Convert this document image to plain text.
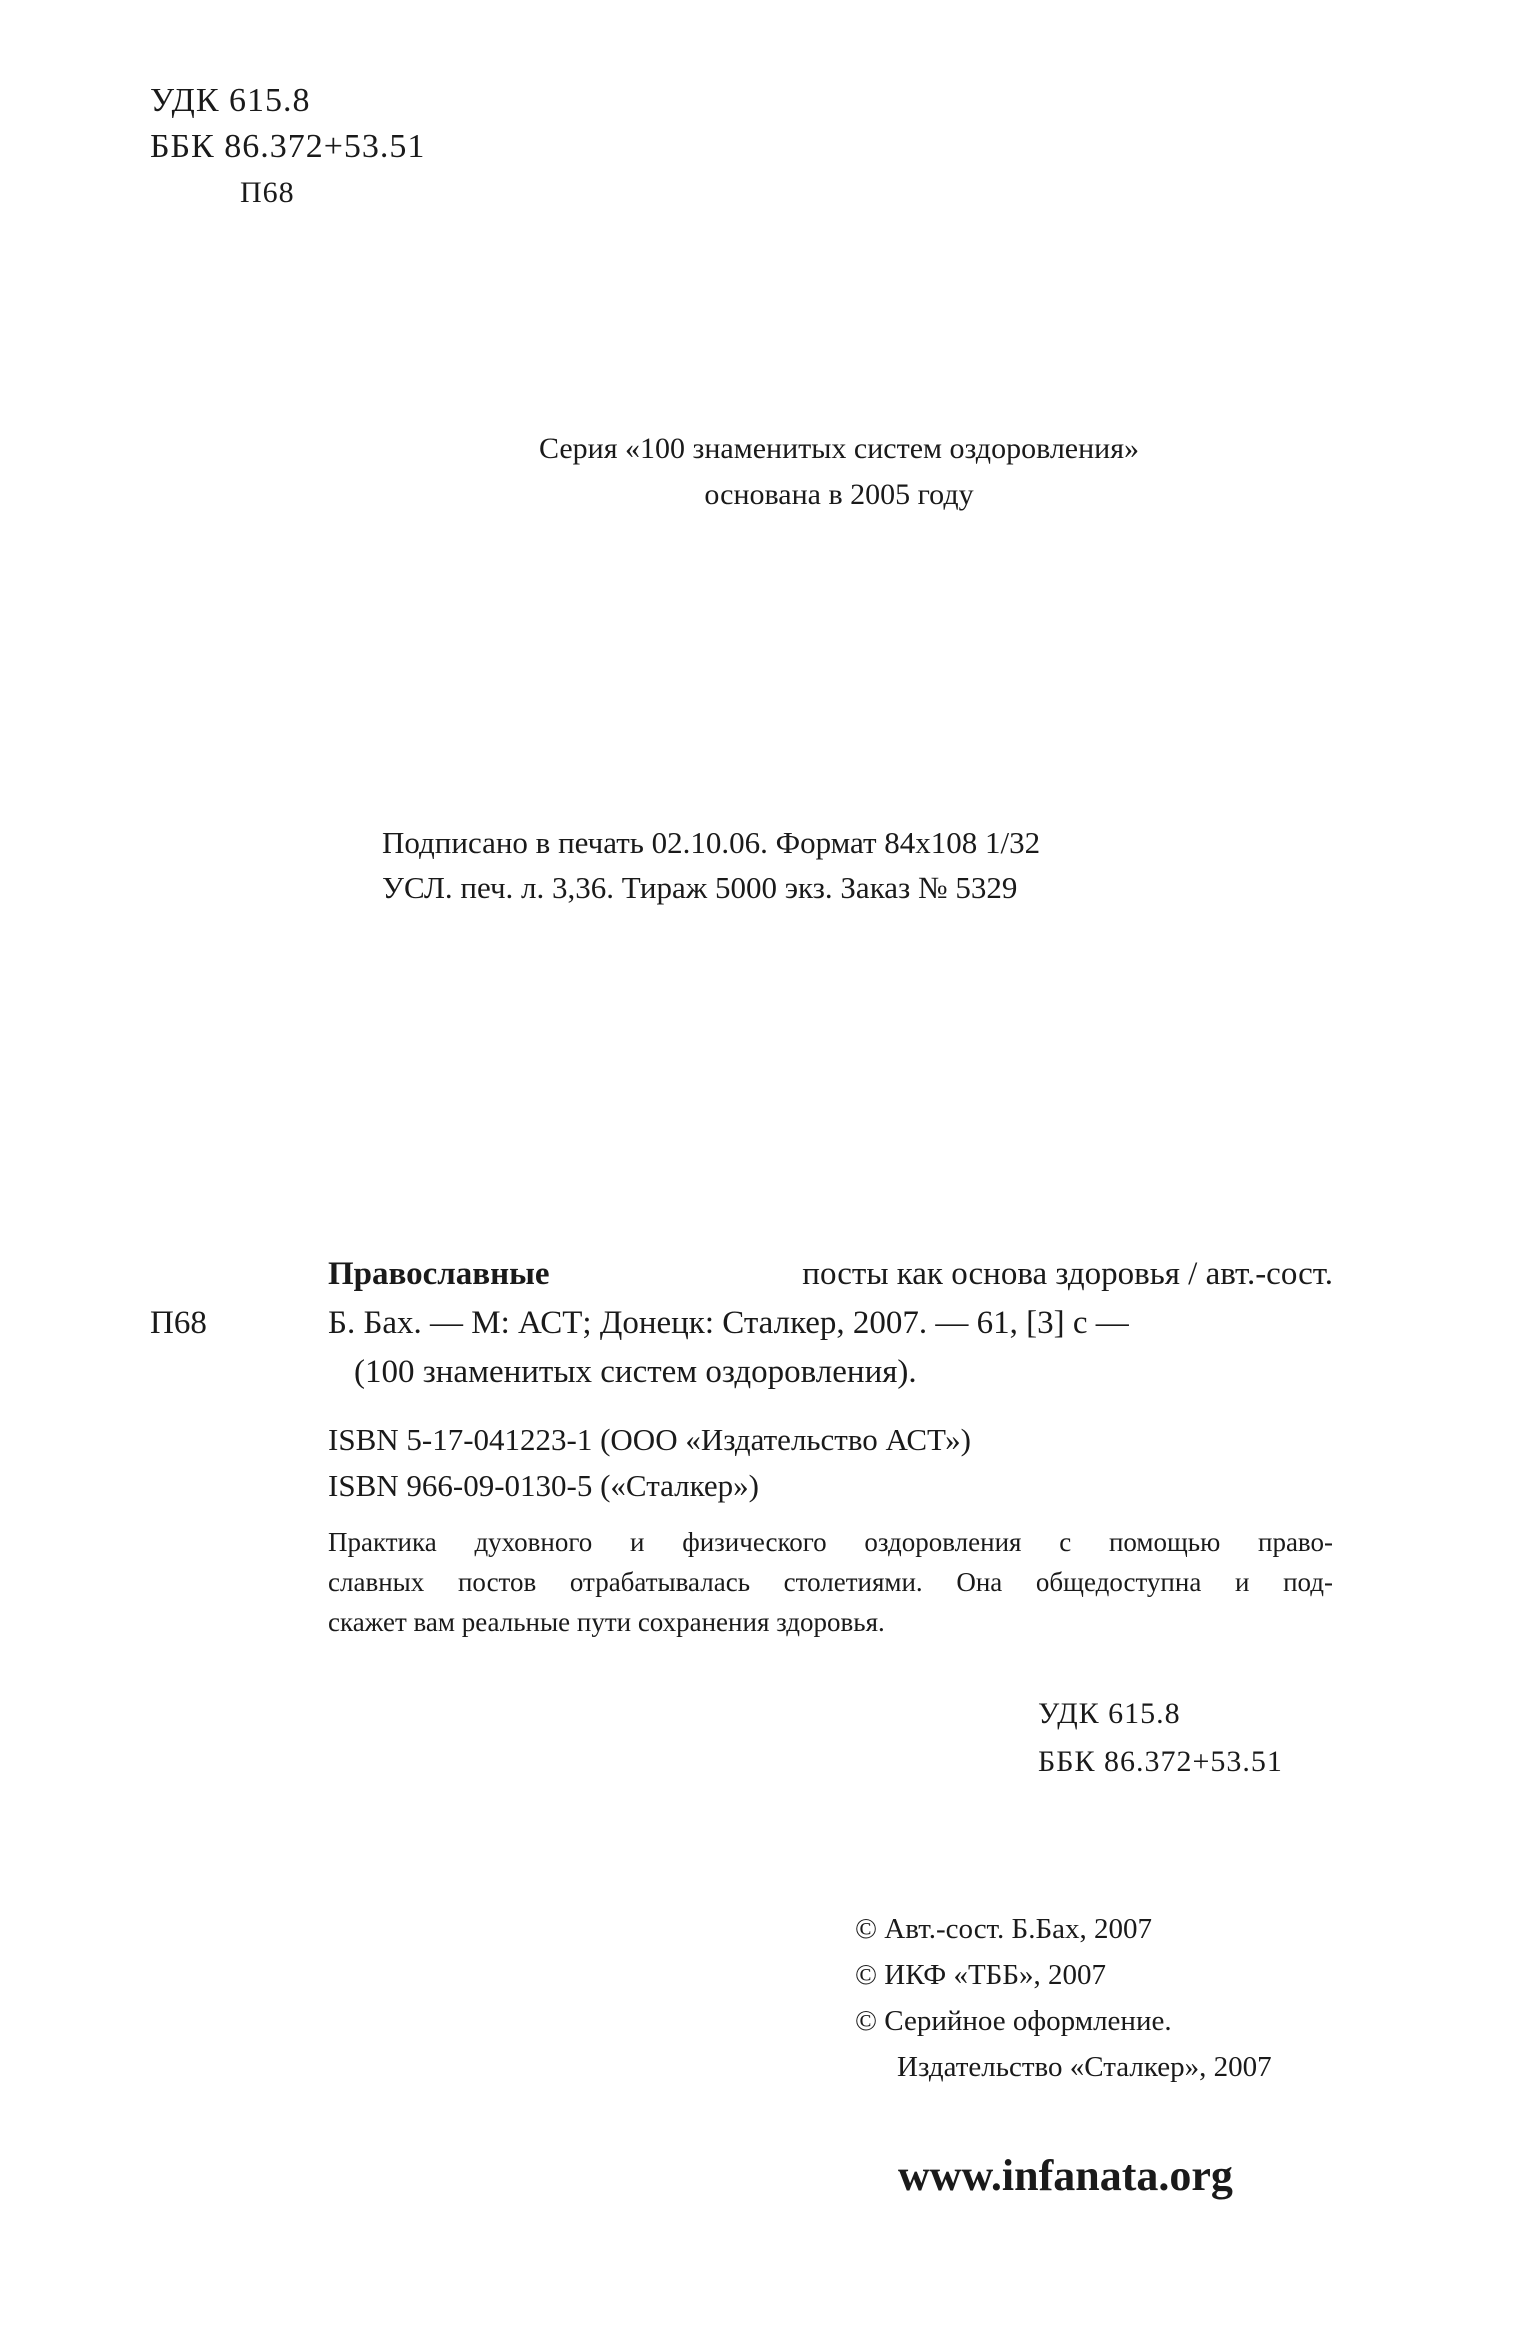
УДК 615.8
ББК 86.372+53.51
П68
Серия «100 знаменитых систем оздоровления»
основана в 2005 году
Подписано в печать 02.10.06. Формат 84x108 1/32
УСЛ. печ. л. 3,36. Тираж 5000 экз. Заказ № 5329
П68
Православные	посты как основа здоровья / авт.-сост.
Б. Бах. — М: АСТ; Донецк: Сталкер, 2007. — 61, [3] с —
(100 знаменитых систем оздоровления).
ISBN 5-17-041223-1 (ООО «Издательство АСТ»)
ISBN 966-09-0130-5 («Сталкер»)
Практика духовного и физического оздоровления с помощью право-
славных постов отрабатывалась столетиями. Она общедоступна и под-
скажет вам реальные пути сохранения здоровья.
УДК 615.8
ББК 86.372+53.51
© Авт.-сост. Б.Бах, 2007
© ИКФ «ТББ», 2007
© Серийное оформление.
Издательство «Сталкер», 2007
www.infanata.org
